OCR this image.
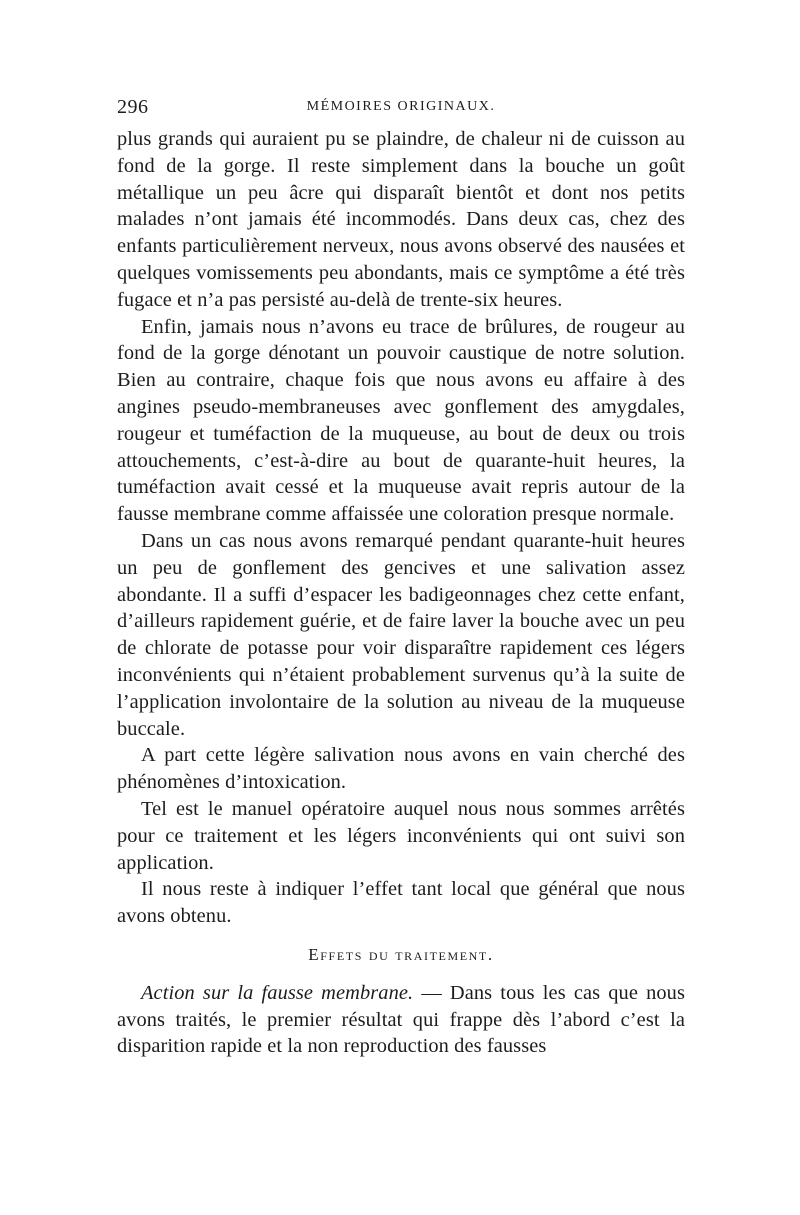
296	MÉMOIRES ORIGINAUX.

plus grands qui auraient pu se plaindre, de chaleur ni de cuisson au fond de la gorge. Il reste simplement dans la bouche un goût métallique un peu âcre qui disparaît bientôt et dont nos petits malades n’ont jamais été incommodés. Dans deux cas, chez des enfants particulièrement nerveux, nous avons observé des nausées et quelques vomissements peu abondants, mais ce symptôme a été très fugace et n’a pas persisté au-delà de trente-six heures.

Enfin, jamais nous n’avons eu trace de brûlures, de rougeur au fond de la gorge dénotant un pouvoir caustique de notre solution. Bien au contraire, chaque fois que nous avons eu affaire à des angines pseudo-membraneuses avec gonflement des amygdales, rougeur et tuméfaction de la muqueuse, au bout de deux ou trois attouchements, c’est-à-dire au bout de quarante-huit heures, la tuméfaction avait cessé et la muqueuse avait repris autour de la fausse membrane comme affaissée une coloration presque normale.

Dans un cas nous avons remarqué pendant quarante-huit heures un peu de gonflement des gencives et une salivation assez abondante. Il a suffi d’espacer les badigeonnages chez cette enfant, d’ailleurs rapidement guérie, et de faire laver la bouche avec un peu de chlorate de potasse pour voir disparaître rapidement ces légers inconvénients qui n’étaient probablement survenus qu’à la suite de l’application involontaire de la solution au niveau de la muqueuse buccale.

A part cette légère salivation nous avons en vain cherché des phénomènes d’intoxication.

Tel est le manuel opératoire auquel nous nous sommes arrêtés pour ce traitement et les légers inconvénients qui ont suivi son application.

Il nous reste à indiquer l’effet tant local que général que nous avons obtenu.

Effets du traitement.

Action sur la fausse membrane. — Dans tous les cas que nous avons traités, le premier résultat qui frappe dès l’abord c’est la disparition rapide et la non reproduction des fausses
